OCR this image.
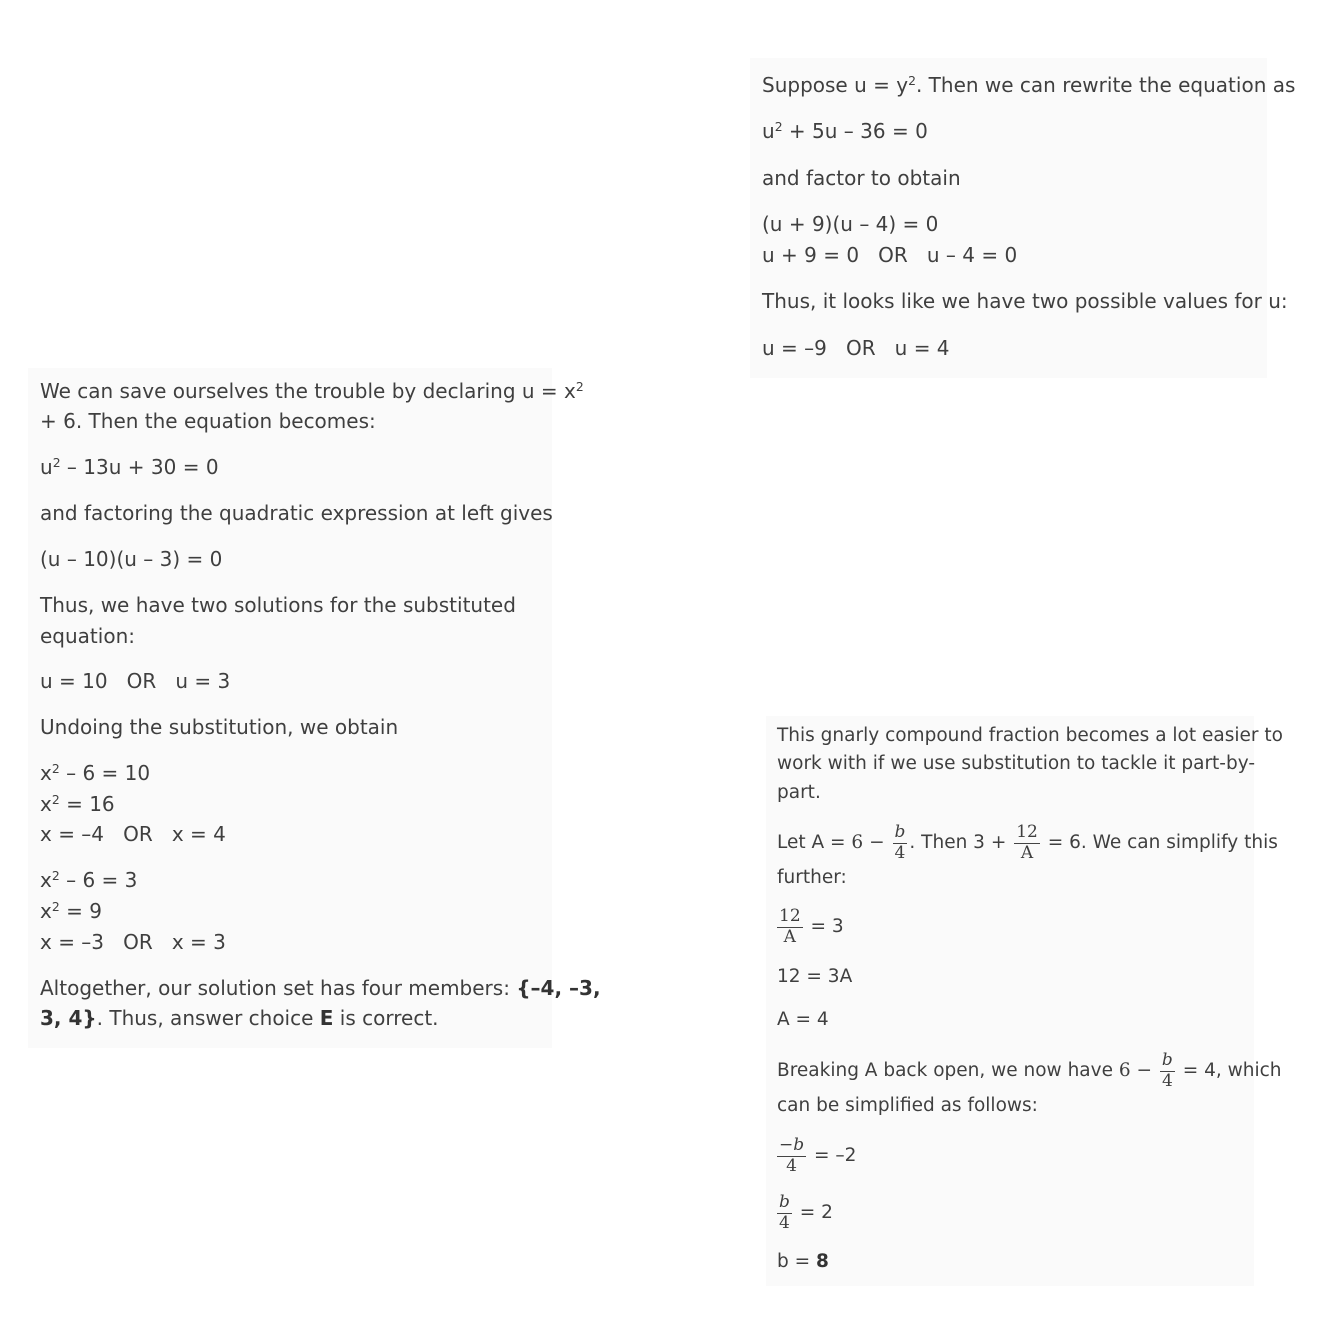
Suppose $u = y^2$. Then we can rewrite the equation as
$u^2 + 5u - 36 = 0$
and factor to obtain
(u + 9)(u – 4) = 0
u + 9 = 0   OR   u – 4 = 0
Thus, it looks like we have two possible values for u:
u = –9   OR   u = 4
We can save ourselves the trouble by declaring $u = x^2$
+ 6. Then the equation becomes:
$u^2 - 13u + 30 = 0$
and factoring the quadratic expression at left gives
(u – 10)(u – 3) = 0
Thus, we have two solutions for the substituted
equation:
u = 10   OR   u = 3
Undoing the substitution, we obtain
$x^2 - 6 = 10$
$x^2 = 16$
x = –4   OR   x = 4
$x^2 - 6 = 3$
$x^2 = 9$
x = –3   OR   x = 3
Altogether, our solution set has four members: {–4, –3,
3, 4}. Thus, answer choice E is correct.
This gnarly compound fraction becomes a lot easier to
work with if we use substitution to tackle it part-by-
part.
Let $A = 6 - \frac{b}{4}$ . Then $3 + \frac{12}{A} = 6$. We can simplify this
further:
$\frac{12}{A} = 3$
12 = 3A
A = 4
Breaking A back open, we now have $6 - \frac{b}{4} = 4$, which
can be simplified as follows:
$\frac{-b}{4} = -2$
$\frac{b}{4} = 2$
b = 8
